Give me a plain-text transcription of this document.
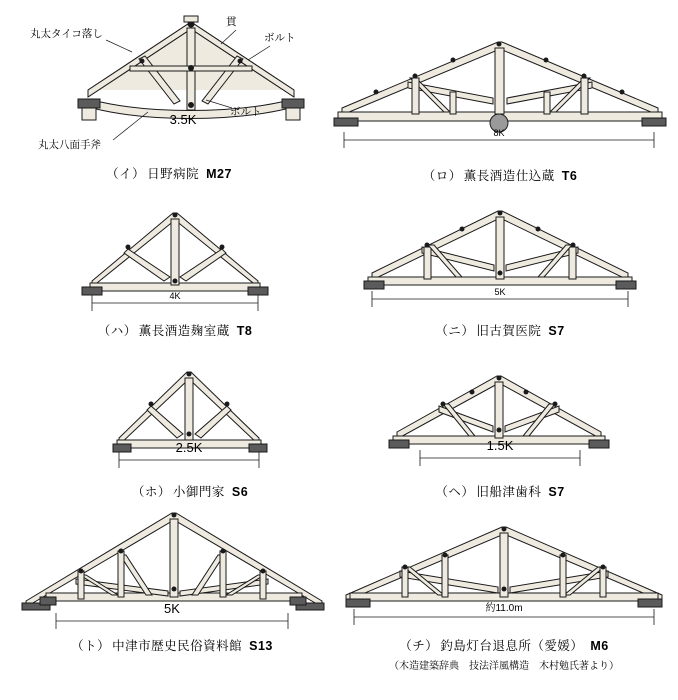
丸太タイコ落し
貫
ボルト
ボルト
丸太八面手斧
3.5K
（イ） 日野病院 M27
8K
（ロ） 薫長酒造仕込蔵 T6
4K
（ハ） 薫長酒造麹室蔵 T8
5K
（ニ） 旧古賀医院 S7
2.5K
（ホ） 小御門家 S6
1.5K
（ヘ） 旧船津歯科 S7
5K
（ト） 中津市歴史民俗資料館 S13
約11.0m
（チ） 釣島灯台退息所（愛媛） M6
（木造建築辞典　技法洋風構造　木村勉氏著より）
